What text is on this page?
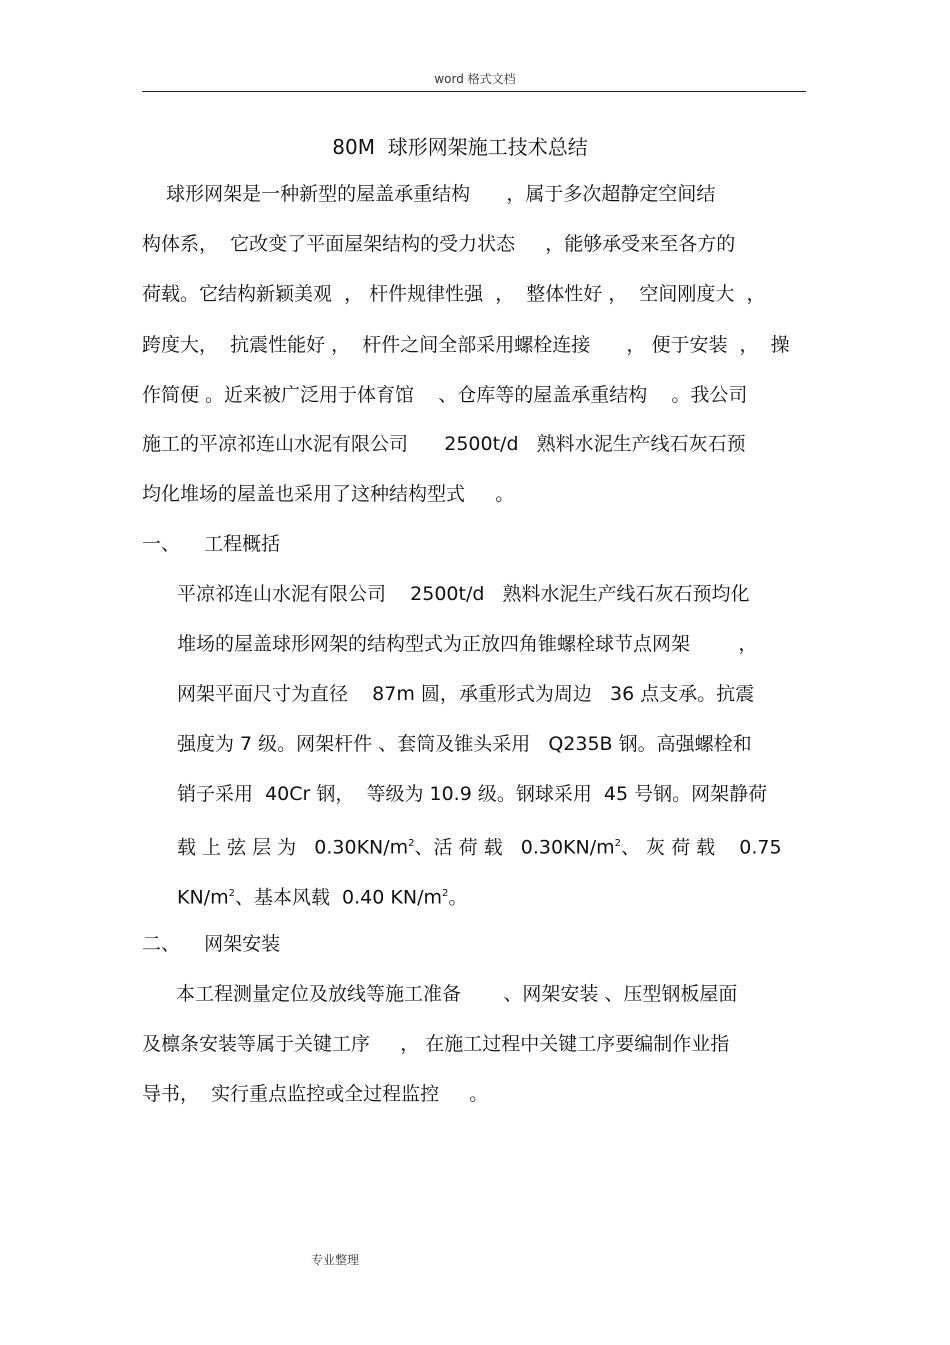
word 格式文档
80M  球形网架施工技术总结
球形网架是一种新型的屋盖承重结构      ，属于多次超静定空间结
构体系，  它改变了平面屋架结构的受力状态     ，能够承受来至各方的
荷载。它结构新颖美观  ， 杆件规律性强  ，  整体性好 ，  空间刚度大  ，
跨度大，  抗震性能好 ，  杆件之间全部采用螺栓连接      ， 便于安装  ，  操
作简便 。近来被广泛用于体育馆    、仓库等的屋盖承重结构    。我公司
施工的平凉祁连山水泥有限公司      2500t/d   熟料水泥生产线石灰石预
均化堆场的屋盖也采用了这种结构型式     。
一、    工程概括
平凉祁连山水泥有限公司    2500t/d   熟料水泥生产线石灰石预均化
堆场的屋盖球形网架的结构型式为正放四角锥螺栓球节点网架        ，
网架平面尺寸为直径    87m 圆，承重形式为周边   36 点支承。抗震
强度为 7 级。网架杆件 、套筒及锥头采用   Q235B 钢。高强螺栓和
销子采用  40Cr 钢，  等级为 10.9 级。钢球采用  45 号钢。网架静荷
载 上 弦 层 为   $0.30KN/m^2$、活 荷 载   $0.30KN/m^2$、 灰 荷 载    0.75
$KN/m^2$、基本风载  0.40 $KN/m^2$。
二、    网架安装
本工程测量定位及放线等施工准备       、网架安装 、压型钢板屋面
及檩条安装等属于关键工序     ， 在施工过程中关键工序要编制作业指
导书，  实行重点监控或全过程监控     。
专业整理
